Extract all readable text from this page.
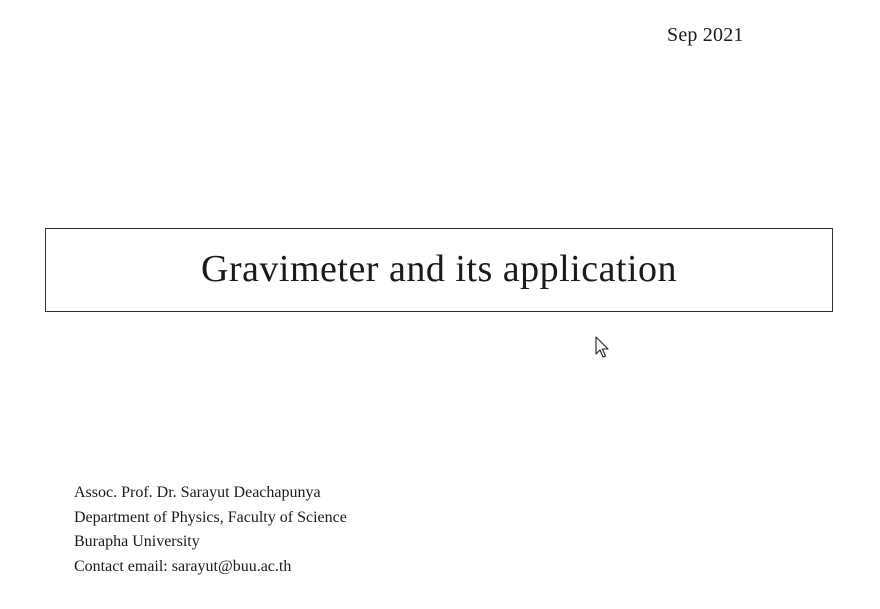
Sep 2021
Gravimeter and its application
Assoc. Prof. Dr. Sarayut Deachapunya
Department of Physics, Faculty of Science
Burapha University
Contact email: sarayut@buu.ac.th
